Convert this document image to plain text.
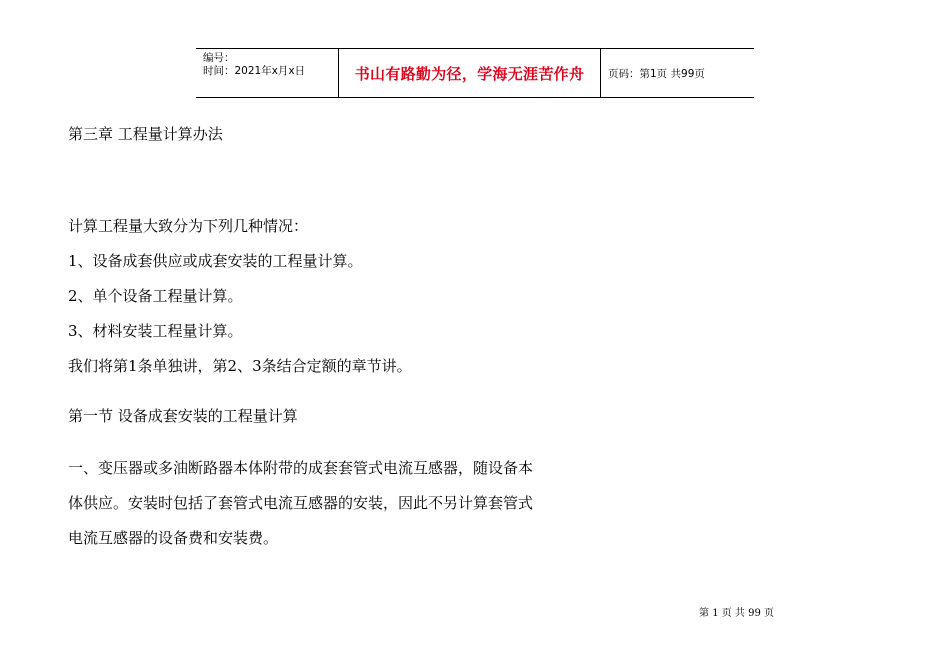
编号：
时间：2021年x月x日	书山有路勤为径，学海无涯苦作舟 页码：第1页 共99页
第三章 工程量计算办法
计算工程量大致分为下列几种情况：
1、设备成套供应或成套安装的工程量计算。
2、单个设备工程量计算。
3、材料安装工程量计算。
我们将第1条单独讲，第2、3条结合定额的章节讲。
第一节 设备成套安装的工程量计算
一、变压器或多油断路器本体附带的成套套管式电流互感器，随设备本
体供应。安装时包括了套管式电流互感器的安装，因此不另计算套管式
电流互感器的设备费和安装费。
第 1 页 共 99 页
